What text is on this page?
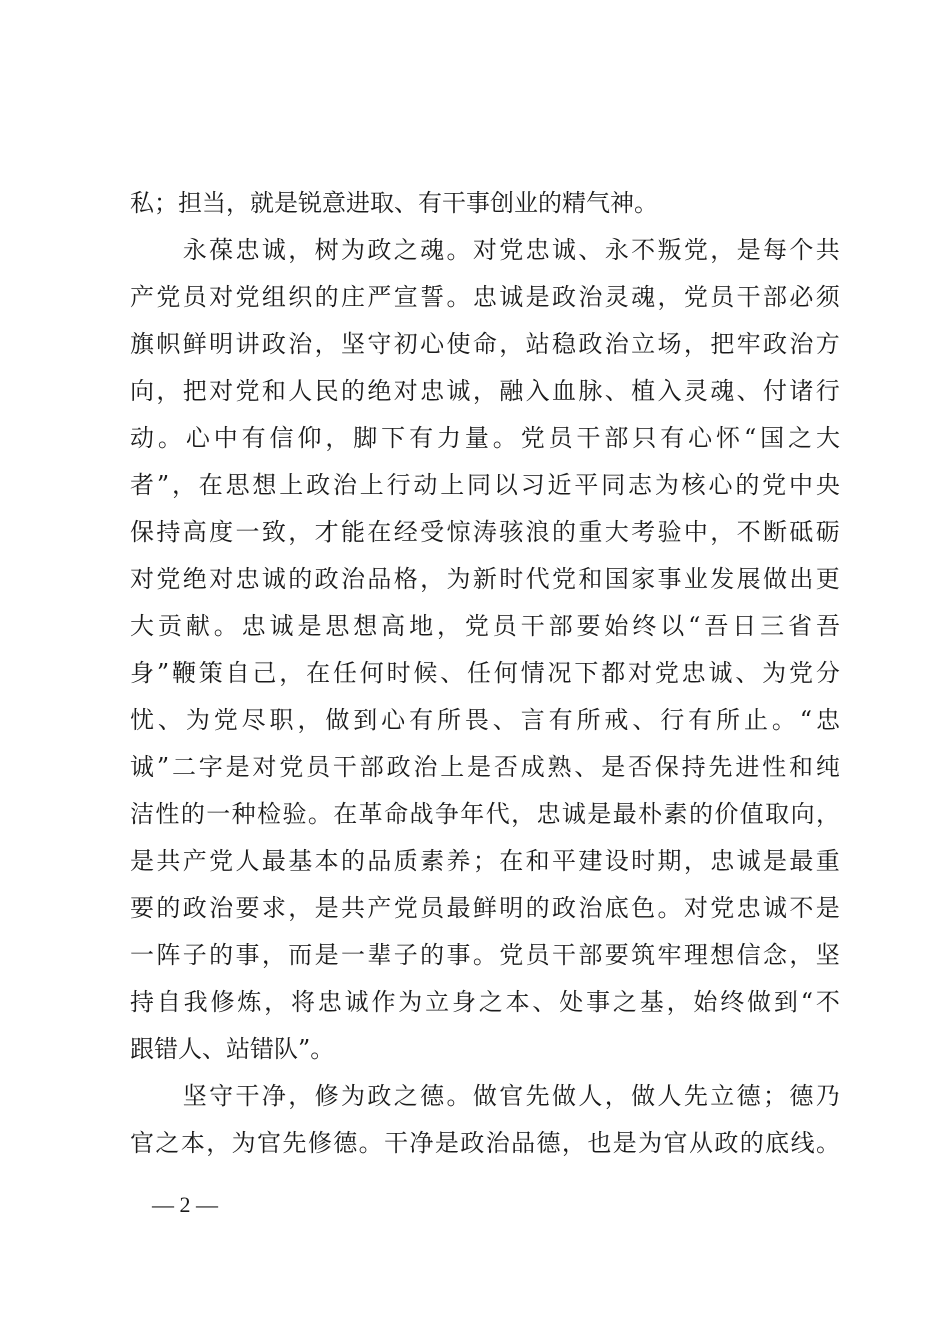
私；担当，就是锐意进取、有干事创业的精气神。

永 葆 忠 诚 ， 树 为 政 之 魂 。 对 党 忠 诚 、 永 不 叛 党 ， 是 每 个 共
产 党 员 对 党 组 织 的 庄 严 宣 誓 。 忠 诚 是 政 治 灵 魂 ， 党 员 干 部 必 须
旗 帜 鲜 明 讲 政 治 ， 坚 守 初 心 使 命 ， 站 稳 政 治 立 场 ， 把 牢 政 治 方
向 ， 把 对 党 和 人 民 的 绝 对 忠 诚 ， 融 入 血 脉 、 植 入 灵 魂 、 付 诸 行
动 。 心 中 有 信 仰 ， 脚 下 有 力 量 。 党 员 干 部 只 有 心 怀 “ 国 之 大
者 ” ， 在 思 想 上 政 治 上 行 动 上 同 以 习 近 平 同 志 为 核 心 的 党 中 央
保 持 高 度 一 致 ， 才 能 在 经 受 惊 涛 骇 浪 的 重 大 考 验 中 ， 不 断 砥 砺
对 党 绝 对 忠 诚 的 政 治 品 格 ， 为 新 时 代 党 和 国 家 事 业 发 展 做 出 更
大 贡 献 。 忠 诚 是 思 想 高 地 ， 党 员 干 部 要 始 终 以 “ 吾 日 三 省 吾
身 ” 鞭 策 自 己 ， 在 任 何 时 候 、 任 何 情 况 下 都 对 党 忠 诚 、 为 党 分
忧 、 为 党 尽 职 ， 做 到 心 有 所 畏 、 言 有 所 戒 、 行 有 所 止 。 “ 忠
诚 ” 二 字 是 对 党 员 干 部 政 治 上 是 否 成 熟 、 是 否 保 持 先 进 性 和 纯
洁 性 的 一 种 检 验 。 在 革 命 战 争 年 代 ， 忠 诚 是 最 朴 素 的 价 值 取 向 ，
是 共 产 党 人 最 基 本 的 品 质 素 养 ； 在 和 平 建 设 时 期 ， 忠 诚 是 最 重
要 的 政 治 要 求 ， 是 共 产 党 员 最 鲜 明 的 政 治 底 色 。 对 党 忠 诚 不 是
一 阵 子 的 事 ， 而 是 一 辈 子 的 事 。 党 员 干 部 要 筑 牢 理 想 信 念 ， 坚
持 自 我 修 炼 ， 将 忠 诚 作 为 立 身 之 本 、 处 事 之 基 ， 始 终 做 到 “ 不
跟错人、站错队”。

坚 守 干 净 ， 修 为 政 之 德 。 做 官 先 做 人 ， 做 人 先 立 德 ； 德 乃
官 之 本 ， 为 官 先 修 德 。 干 净 是 政 治 品 德 ， 也 是 为 官 从 政 的 底 线 。
— 2 —
